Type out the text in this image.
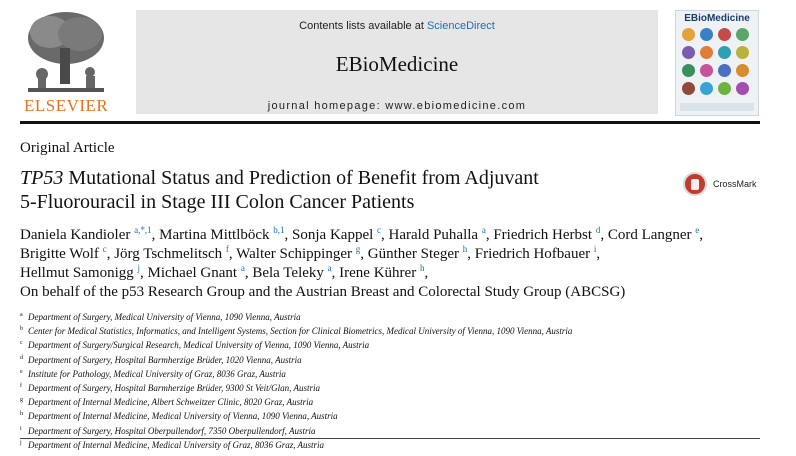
ELSEVIER
Contents lists available at ScienceDirect
EBioMedicine
journal homepage: www.ebiomedicine.com
EBioMedicine
Original Article
TP53 Mutational Status and Prediction of Benefit from Adjuvant
5-Fluorouracil in Stage III Colon Cancer Patients
CrossMark
Daniela Kandioler $^{a,*,1}$, Martina Mittlböck $^{b,1}$, Sonja Kappel $^c$, Harald Puhalla $^a$, Friedrich Herbst $^d$, Cord Langner $^e$,
Brigitte Wolf $^c$, Jörg Tschmelitsch $^f$, Walter Schippinger $^g$, Günther Steger $^h$, Friedrich Hofbauer $^i$,
Hellmut Samonigg $^j$, Michael Gnant $^a$, Bela Teleky $^a$, Irene Kührer $^h$,
On behalf of the p53 Research Group and the Austrian Breast and Colorectal Study Group (ABCSG)
a Department of Surgery, Medical University of Vienna, 1090 Vienna, Austria
b Center for Medical Statistics, Informatics, and Intelligent Systems, Section for Clinical Biometrics, Medical University of Vienna, 1090 Vienna, Austria
c Department of Surgery/Surgical Research, Medical University of Vienna, 1090 Vienna, Austria
d Department of Surgery, Hospital Barmherzige Brüder, 1020 Vienna, Austria
e Institute for Pathology, Medical University of Graz, 8036 Graz, Austria
f Department of Surgery, Hospital Barmherzige Brüder, 9300 St Veit/Glan, Austria
g Department of Internal Medicine, Albert Schweitzer Clinic, 8020 Graz, Austria
h Department of Internal Medicine, Medical University of Vienna, 1090 Vienna, Austria
i Department of Surgery, Hospital Oberpullendorf, 7350 Oberpullendorf, Austria
j Department of Internal Medicine, Medical University of Graz, 8036 Graz, Austria
